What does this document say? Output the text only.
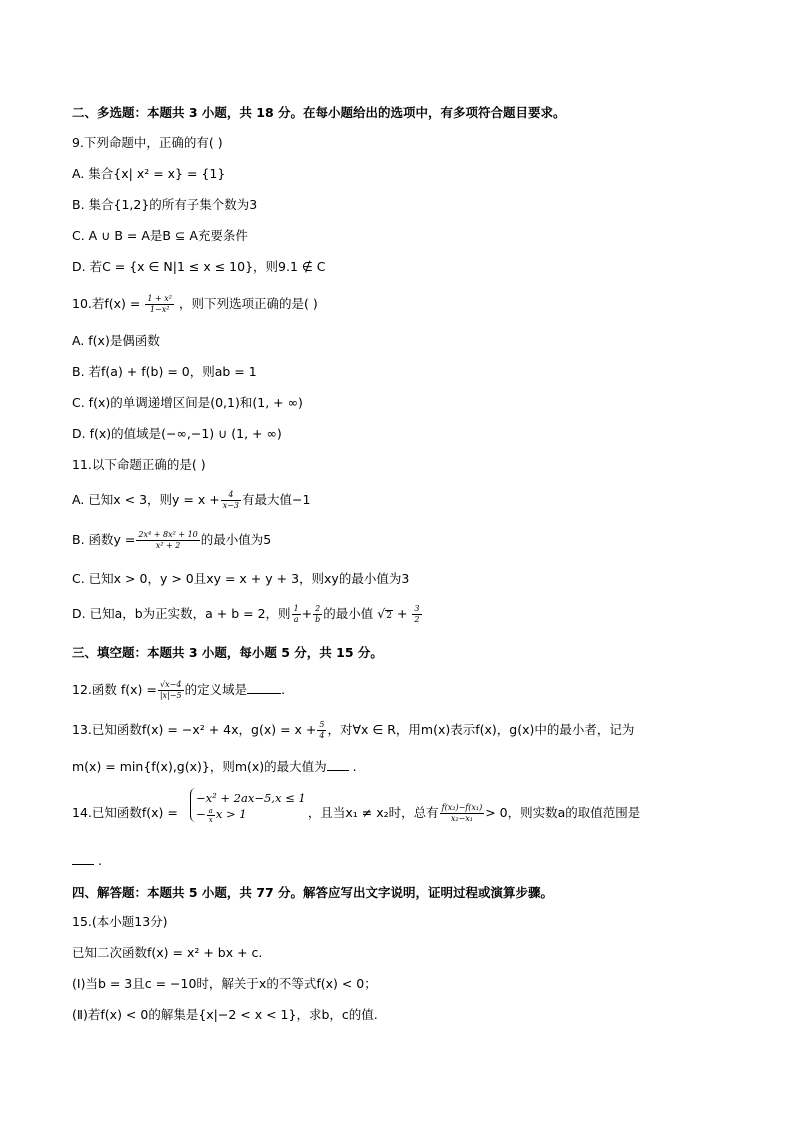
二、多选题：本题共 3 小题，共 18 分。在每小题给出的选项中，有多项符合题目要求。
9.下列命题中，正确的有( )
A. 集合{x| x² = x} = {1}
B. 集合{1,2}的所有子集个数为3
C. A ∪ B = A是B ⊆ A充要条件
D. 若C = {x ∈ N|1 ≤ x ≤ 10}，则9.1 ∉ C
10.若$f(x) = \frac{\text{1 + x²}}{\text{1−x²}}$ ，则下列选项正确的是( )
A. f(x)是偶函数
B. 若f(a) + f(b) = 0，则ab = 1
C. f(x)的单调递增区间是(0,1)和(1, + ∞)
D. f(x)的值域是(−∞,−1) ∪ (1, + ∞)
11.以下命题正确的是( )
A. 已知x < 3，则$y = x + \frac{4}{x-3}$ 有最大值−1
B. 函数$y = \frac{\text{2x⁴ + 8x² + 10}}{\text{x² + 2}}$ 的最小值为5
C. 已知x > 0，y > 0且xy = x + y + 3，则xy的最小值为3
D. 已知a，b为正实数，a + b = 2，则 $\frac{1}{a} + \frac{2}{b}$ 的最小值 $√2 + \frac{3}{2}$
三、填空题：本题共 3 小题，每小题 5 分，共 15 分。
12.函数 $f(x) = \frac{√x-4}{|x|-5}$ 的定义域是	.
13.已知函数f(x) = −x² + 4x，$g(x) = x + \frac{5}{4}$ ，对∀x ∈ R，用m(x)表示f(x)，g(x)中的最小者，记为
m(x) = min{f(x),g(x)}，则m(x)的最大值为 .
14.已知函数f(x) =	，且当x₁ ≠ x₂时，总有 $\frac{\text{f(x₂)−f(x₁)}}{\text{x₂−x₁}} > 0$，则实数a的取值范围是
−x² + 2ax−5,x ≤ 1
− $\frac{a}{x}$ x > 1
.
四、解答题：本题共 5 小题，共 77 分。解答应写出文字说明，证明过程或演算步骤。
15.(本小题13分)
已知二次函数f(x) = x² + bx + c.
(Ⅰ)当b = 3且c = −10时，解关于x的不等式f(x) < 0；
(Ⅱ)若f(x) < 0的解集是{x|−2 < x < 1}，求b，c的值.
